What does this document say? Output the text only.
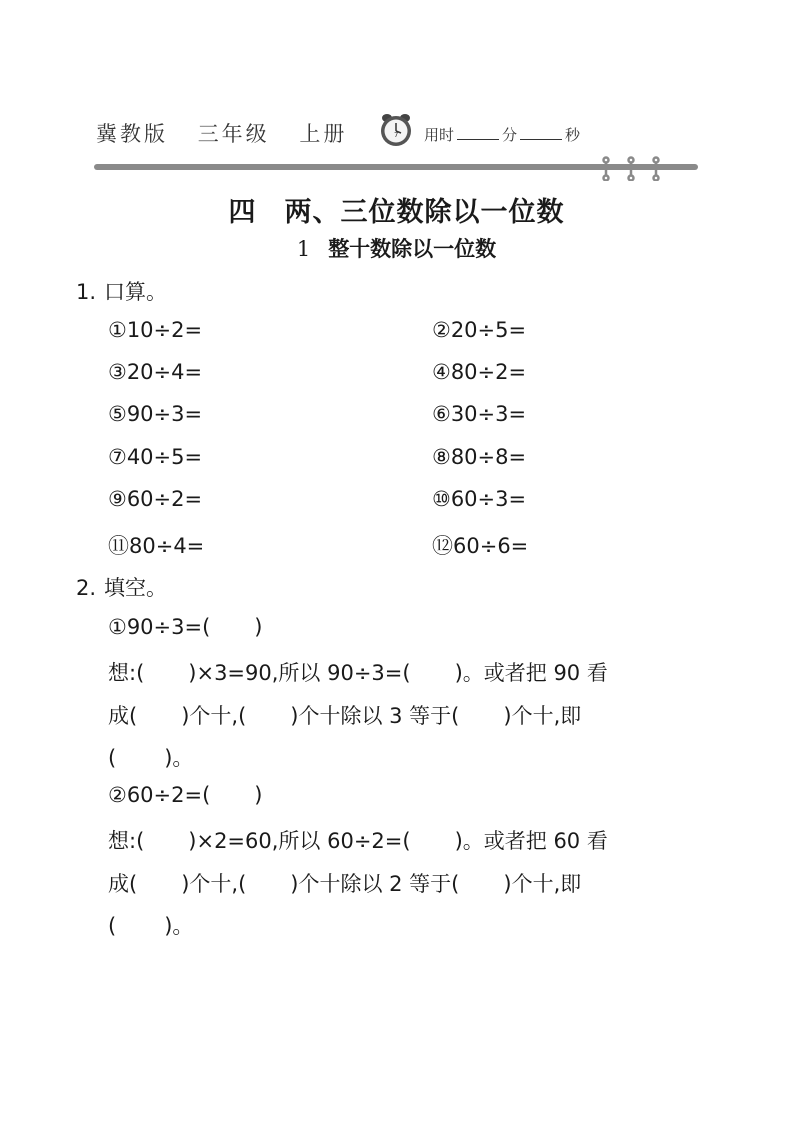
冀教版 三年级 上册	7 用时	分	秒
四 两、三位数除以一位数
1 整十数除以一位数
1. 口算。
①10÷2=	②20÷5=
③20÷4=	④80÷2=
⑤90÷3=	⑥30÷3=
⑦40÷5=	⑧80÷8=
⑨60÷2=	⑩60÷3=
⑪80÷4=	⑫60÷6=
2. 填空。
①90÷3=( )
想:( )×3=90,所以 90÷3=( )。或者把 90 看
成( )个十,( )个十除以 3 等于( )个十,即
( )。
②60÷2=( )
想:( )×2=60,所以 60÷2=( )。或者把 60 看
成( )个十,( )个十除以 2 等于( )个十,即
( )。
